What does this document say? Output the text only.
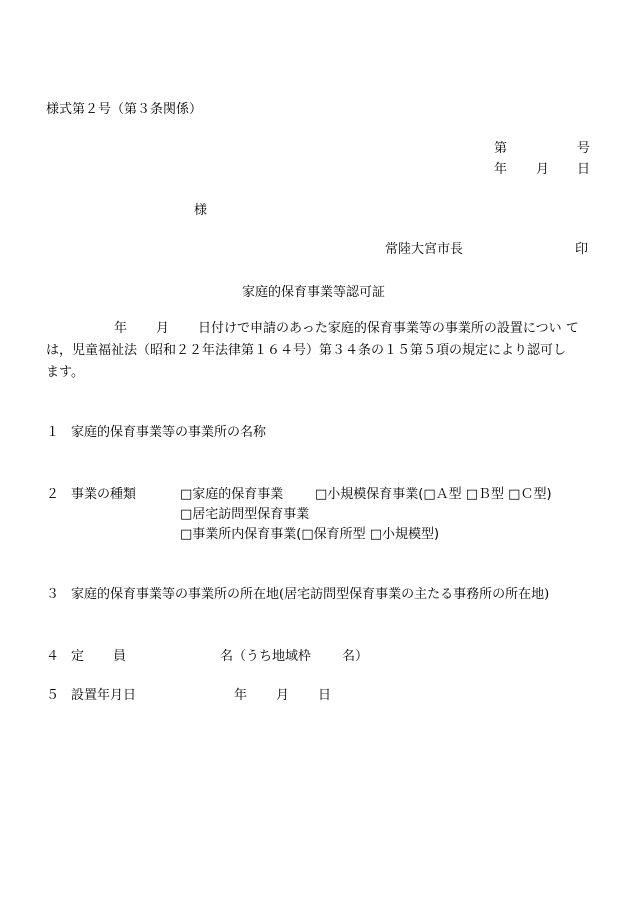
様式第２号（第３条関係）
第	号
年 月 日
様
常陸大宮市長	印
家庭的保育事業等認可証
年 月 日付けで申請のあった家庭的保育事業等の事業所の設置につい て
は，児童福祉法（昭和２２年法律第１６４号）第３４条の１５第５項の規定により認可し
ます。
１ 家庭的保育事業等の事業所の名称
２ 事業の種類	□家庭的保育事業 □小規模保育事業(□Ａ型 □Ｂ型 □Ｃ型)
□居宅訪問型保育事業
□事業所内保育事業(□保育所型 □小規模型)
３ 家庭的保育事業等の事業所の所在地(居宅訪問型保育事業の主たる事務所の所在地)
４ 定 員	名（うち地域枠 名）
５ 設置年月日	年 月 日
